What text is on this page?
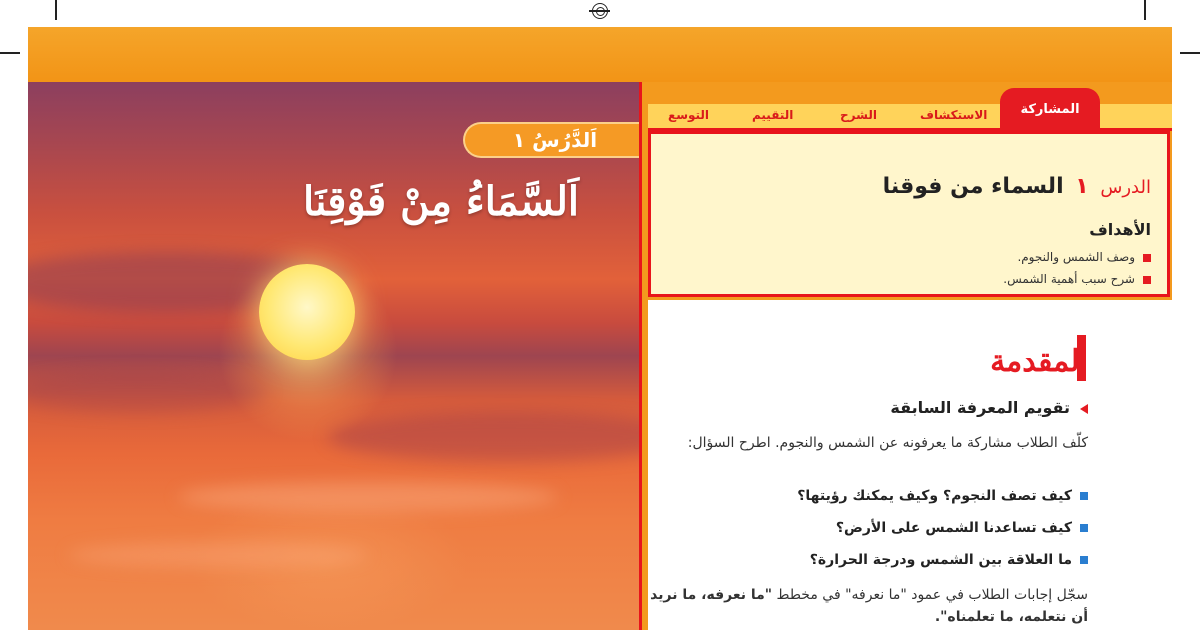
اَلدَّرُسُ ١
اَلسَّمَاءُ مِنْ فَوْقِنَا
الاستكشاف
الشرح
التقييم
التوسع	المشاركة
الدرس ١ السماء من فوقنا
الأهداف
وصف الشمس والنجوم.
شرح سبب أهمية الشمس.
المقدمة
تقويم المعرفة السابقة
كلّف الطلاب مشاركة ما يعرفونه عن الشمس والنجوم. اطرح السؤال:
كيف تصف النجوم؟ وكيف يمكنك رؤيتها؟
كيف تساعدنا الشمس على الأرض؟
ما العلاقة بين الشمس ودرجة الحرارة؟
سجّل إجابات الطلاب في عمود "ما نعرفه" في مخطط "ما نعرفه، ما نريد أن نتعلمه، ما تعلمناه".
